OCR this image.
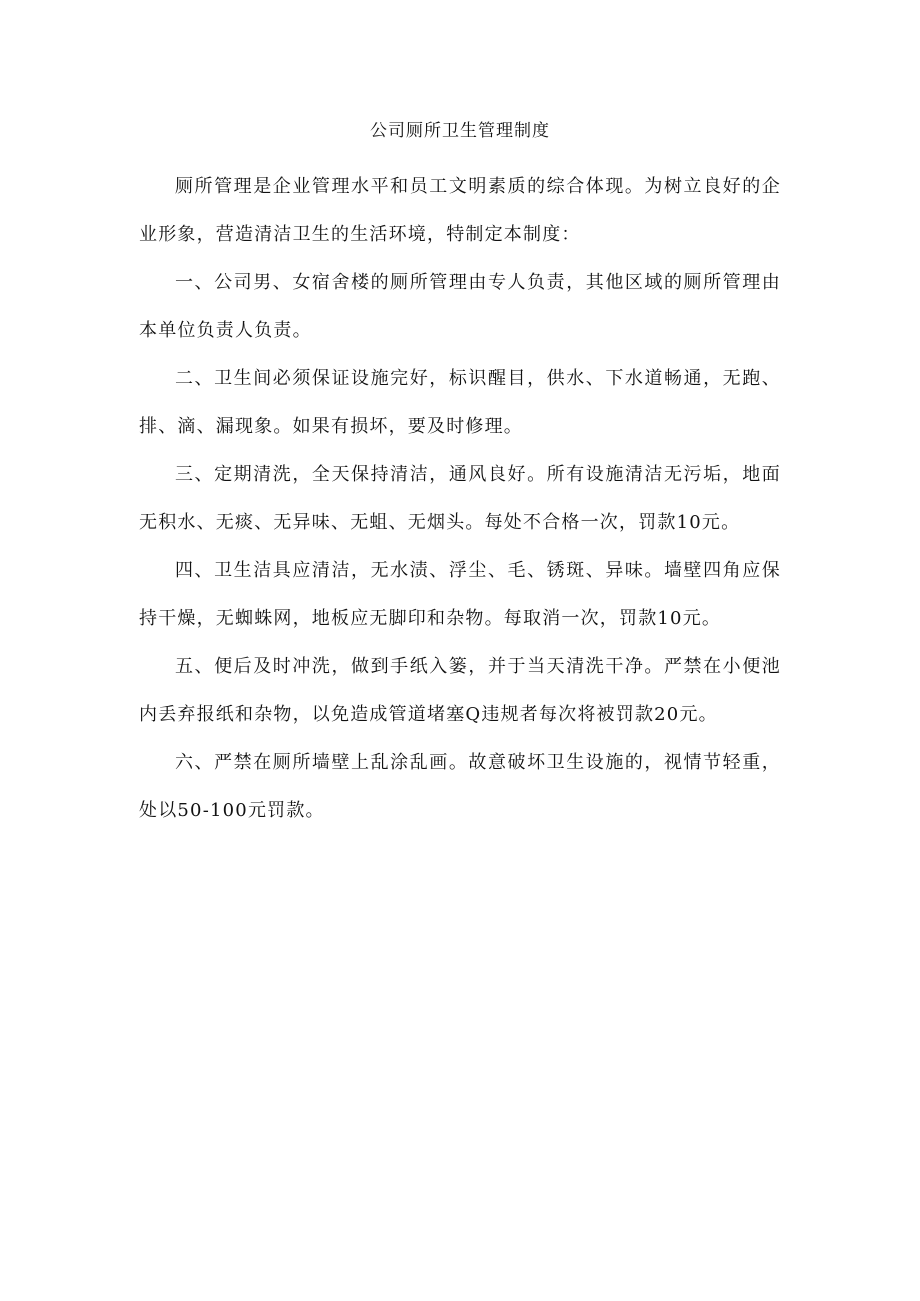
公司厕所卫生管理制度

厕所管理是企业管理水平和员工文明素质的综合体现。为树立良好的企业形象，营造清洁卫生的生活环境，特制定本制度：

一、公司男、女宿舍楼的厕所管理由专人负责，其他区域的厕所管理由本单位负责人负责。

二、卫生间必须保证设施完好，标识醒目，供水、下水道畅通，无跑、排、滴、漏现象。如果有损坏，要及时修理。

三、定期清洗，全天保持清洁，通风良好。所有设施清洁无污垢，地面无积水、无痰、无异味、无蛆、无烟头。每处不合格一次，罚款10元。

四、卫生洁具应清洁，无水渍、浮尘、毛、锈斑、异味。墙壁四角应保持干燥，无蜘蛛网，地板应无脚印和杂物。每取消一次，罚款10元。

五、便后及时冲洗，做到手纸入篓，并于当天清洗干净。严禁在小便池内丢弃报纸和杂物，以免造成管道堵塞Q违规者每次将被罚款20元。

六、严禁在厕所墙壁上乱涂乱画。故意破坏卫生设施的，视情节轻重，处以50-100元罚款。
